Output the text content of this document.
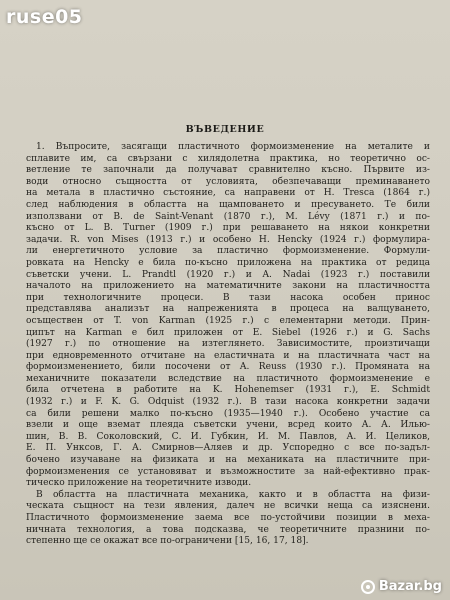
ruse05
ВЪВЕДЕНИЕ
1. Въпросите, засягащи пластичното формоизменение на металите и
сплавите им, са свързани с хилядолетна практика, но теоретично ос-
ветление те започнали да получават сравнително късно. Първите из-
води относно същността от условията, обезпечаващи преминаването
на метала в пластично състояние, са направени от H. Tresca (1864 г.)
след наблюдения в областта на щамповането и пресуването. Те били
използвани от B. de Saint-Venant (1870 г.), M. Lévy (1871 г.) и по-
късно от L. B. Turner (1909 г.) при решаването на някои конкретни
задачи. R. von Mises (1913 г.) и особено H. Hencky (1924 г.) формулира-
ли енергетичното условие за пластично формоизменение. Формули-
ровката на Hencky е била по-късно приложена на практика от редица
съветски учени. L. Prandtl (1920 г.) и A. Nadai (1923 г.) поставили
началото на приложението на математичните закони на пластичността
при технологичните процеси. В тази насока особен принос
представлява анализът на напреженията в процеса на валцуването,
осъществен от T. von Karman (1925 г.) с елементарни методи. Прин-
ципът на Karman е бил приложен от E. Siebel (1926 г.) и G. Sachs
(1927 г.) по отношение на изтеглянето. Зависимостите, произтичащи
при едновременното отчитане на еластичната и на пластичната част на
формоизменението, били посочени от A. Reuss (1930 г.). Промяната на
механичните показатели вследствие на пластичното формоизменение е
била отчетена в работите на K. Hohenemser (1931 г.), E. Schmidt
(1932 г.) и F. K. G. Odquist (1932 г.). В тази насока конкретни задачи
са били решени малко по-късно (1935—1940 г.). Особено участие са
взели и още вземат плеяда съветски учени, всред които А. А. Илью-
шин, В. В. Соколовский, С. И. Губкин, И. М. Павлов, А. И. Целиков,
Е. П. Унксов, Г. А. Смирнов—Аляев и др. Успоредно с все по-задъл-
бочено изучаване на физиката и на механиката на пластичните при-
формоизменения се установяват и възможностите за най-ефективно прак-
тическо приложение на теоретичните изводи.
В областта на пластичната механика, както и в областта на физи-
ческата същност на тези явления, далеч не всички неща са изяснени.
Пластичното формоизменение заема все по-устойчиви позиции в меха-
ничната технология, а това подсказва, че теоретичните празнини по-
степенно ще се окажат все по-ограничени [15, 16, 17, 18].
Bazar.bg
